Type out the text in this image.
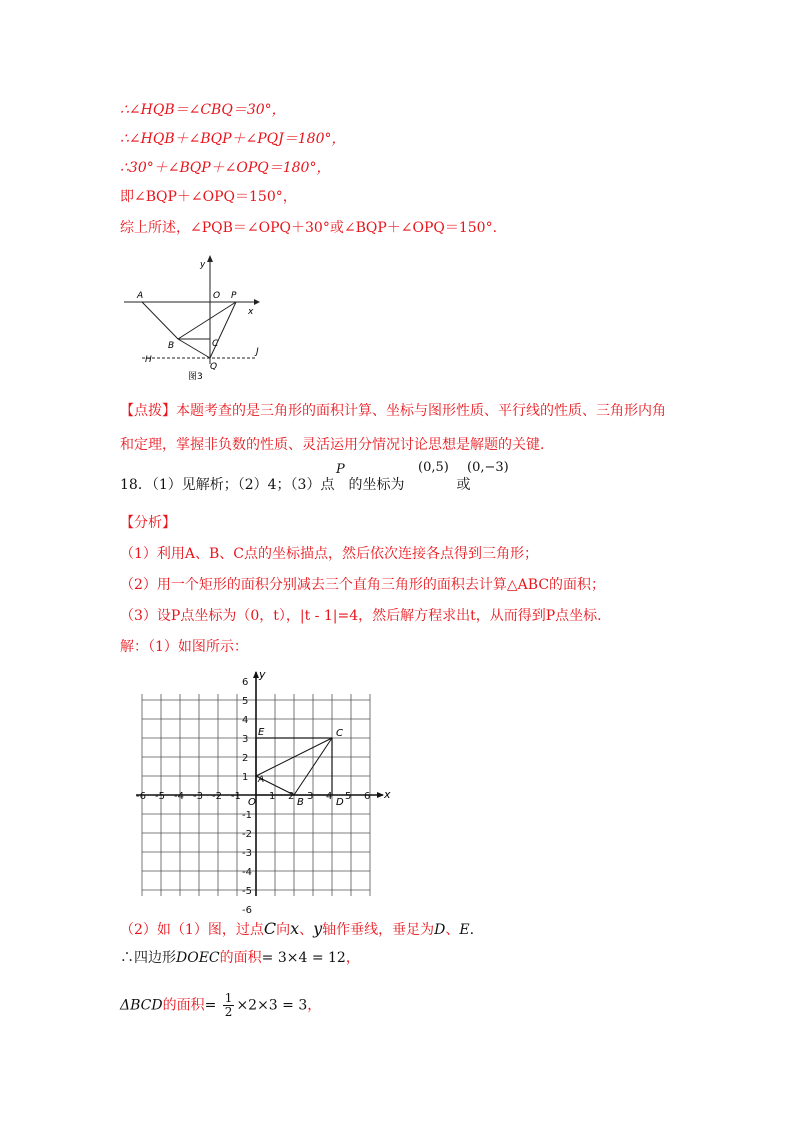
∴∠HQB＝∠CBQ＝30°，
∴∠HQB＋∠BQP＋∠PQJ＝180°，
∴30°＋∠BQP＋∠OPQ＝180°，
即∠BQP＋∠OPQ＝150°，
综上所述，∠PQB＝∠OPQ＋30°或∠BQP＋∠OPQ＝150°.
y
x
O P
A
B	C
Q
H
J
图3
【点拨】本题考查的是三角形的面积计算、坐标与图形性质、平行线的性质、三角形内角
和定理，掌握非负数的性质、灵活运用分情况讨论思想是解题的关键.
18．（1）见解析；（2）4；（3）点 的坐标为	或
P	(0,5) (0,−3)
【分析】
（1）利用A、B、C点的坐标描点，然后依次连接各点得到三角形；
（2）用一个矩形的面积分别减去三个直角三角形的面积去计算△ABC的面积；
（3）设P点坐标为（0，t），|t - 1|=4，然后解方程求出t，从而得到P点坐标.
解：（1）如图所示：
-6 -5 -4 -3 -2 -1	1 2 3 4 5 6
6
5
4
3
2
1
-1
-2
-3
-4
-5
-6
y
x
E	C
A
B	D
O
（2）如（1）图，过点C向x、y轴作垂线，垂足为D、E.
∴四边形DOEC的面积= 3×4 = 12，
ΔBCD的面积= $\frac{1}{2} \times 2\times 3 = 3$，
